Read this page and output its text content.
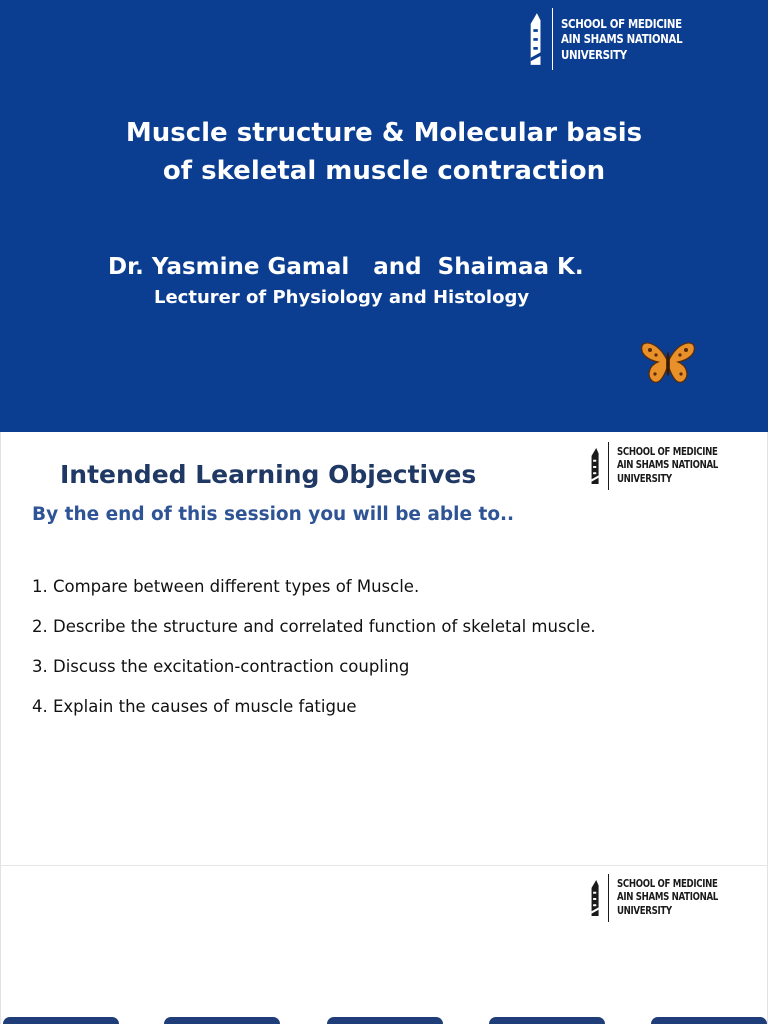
SCHOOL OF MEDICINE
AIN SHAMS NATIONAL UNIVERSITY
Muscle structure & Molecular basis
of skeletal muscle contraction
Dr. Yasmine Gamal   and  Shaimaa K.
Lecturer of Physiology and Histology
SCHOOL OF MEDICINE
AIN SHAMS NATIONAL UNIVERSITY
Intended Learning Objectives
By the end of this session you will be able to..
1. Compare between different types of Muscle.
2. Describe the structure and correlated function of skeletal muscle.
3. Discuss the excitation-contraction coupling
4. Explain the causes of muscle fatigue
SCHOOL OF MEDICINE
AIN SHAMS NATIONAL UNIVERSITY
